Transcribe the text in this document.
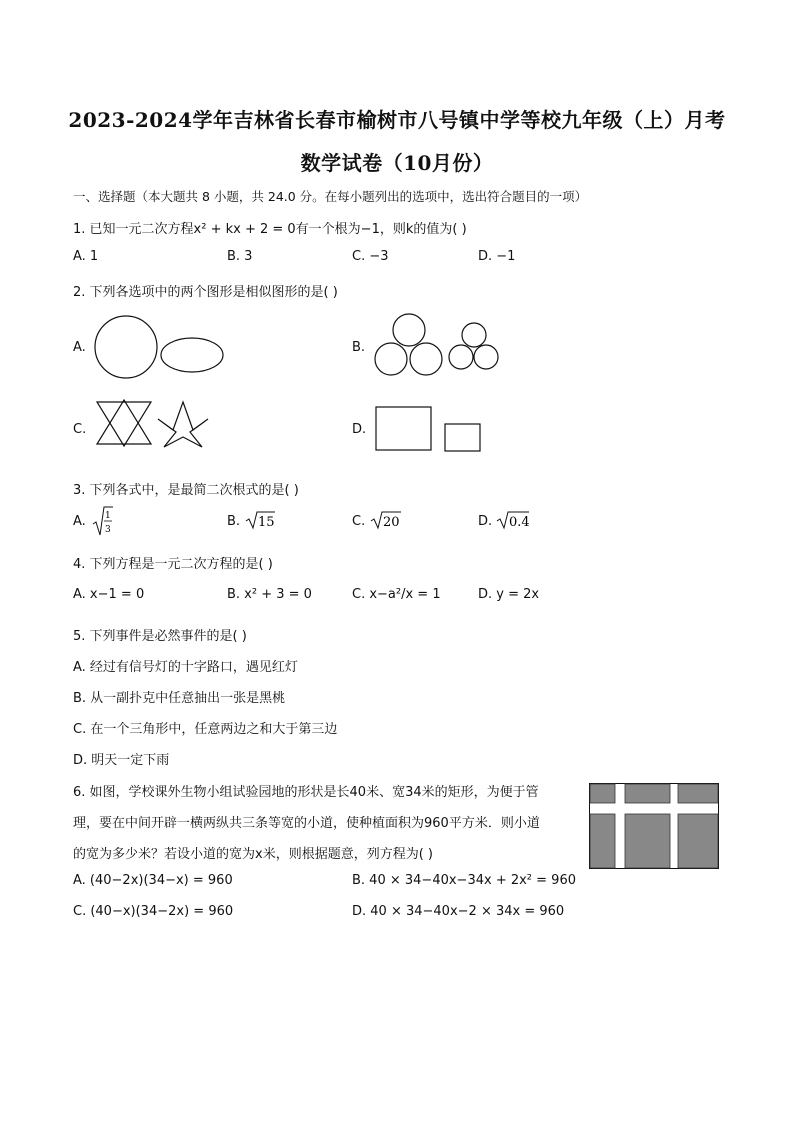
2023-2024学年吉林省长春市榆树市八号镇中学等校九年级（上）月考
数学试卷（10月份）
一、选择题（本大题共 8 小题，共 24.0 分。在每小题列出的选项中，选出符合题目的一项）
1. 已知一元二次方程x² + kx + 2 = 0有一个根为−1，则k的值为( )
A. 1	B. 3	C. −3	D. −1
2. 下列各选项中的两个图形是相似图形的是( )
A.	B.
C.	D.
3. 下列各式中，是最简二次根式的是( )
A. 1
3
B. 15	C. 20	D. 0.4
4. 下列方程是一元二次方程的是( )
A. x−1 = 0	B. x² + 3 = 0	C. x−a²/x = 1	D. y = 2x
5. 下列事件是必然事件的是( )
A. 经过有信号灯的十字路口，遇见红灯
B. 从一副扑克中任意抽出一张是黑桃
C. 在一个三角形中，任意两边之和大于第三边
D. 明天一定下雨
6. 如图，学校课外生物小组试验园地的形状是长40米、宽34米的矩形，为便于管
理，要在中间开辟一横两纵共三条等宽的小道，使种植面积为960平方米．则小道
的宽为多少米？若设小道的宽为x米，则根据题意，列方程为( )
A. (40−2x)(34−x) = 960	B. 40 × 34−40x−34x + 2x² = 960
C. (40−x)(34−2x) = 960	D. 40 × 34−40x−2 × 34x = 960
